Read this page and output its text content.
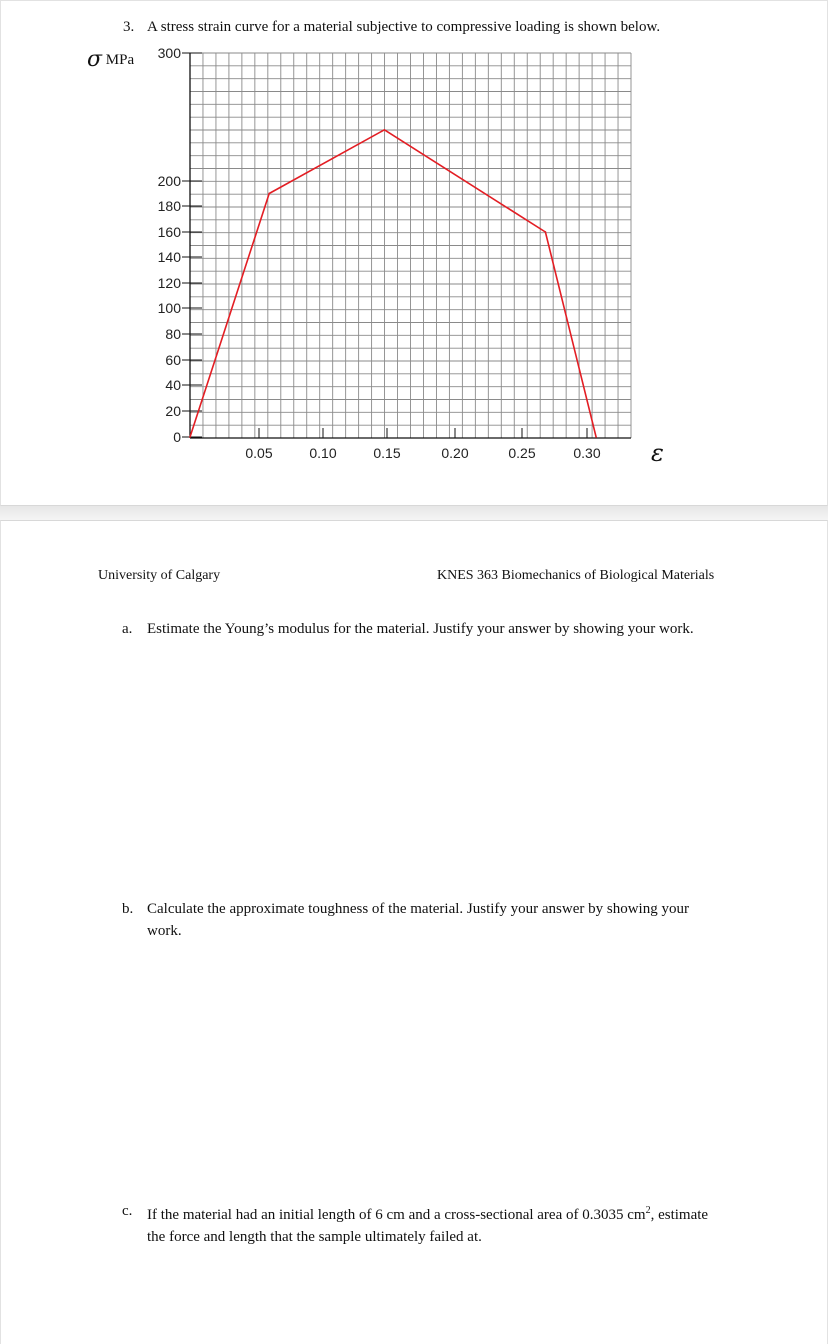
3. A stress strain curve for a material subjective to compressive loading is shown below.
σ MPa 300
200
180
160
140
120
100
80
60
40
20
0
0.05	0.10	0.15	0.20	0.25	0.30 ε
University of Calgary	KNES 363 Biomechanics of Biological Materials
a. Estimate the Young’s modulus for the material. Justify your answer by showing your work.
b. Calculate the approximate toughness of the material. Justify your answer by showing your work.
c. If the material had an initial length of 6 cm and a cross-sectional area of 0.3035 $cm^2$, estimate the force and length that the sample ultimately failed at.
